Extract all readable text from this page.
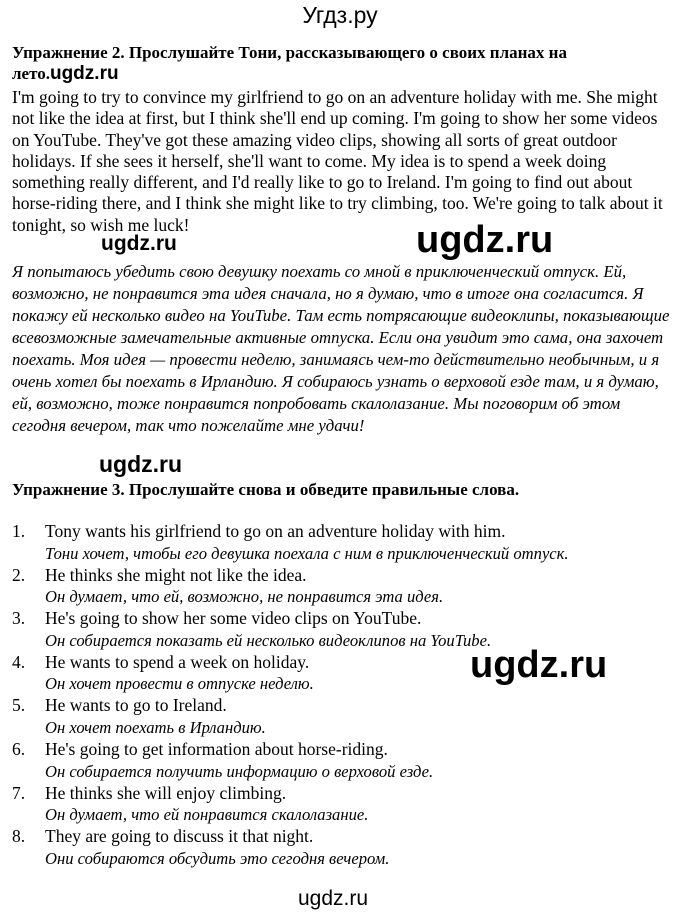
Угдз.ру
Упражнение 2. Прослушайте Тони, рассказывающего о своих планах на
лето.ugdz.ru
I'm going to try to convince my girlfriend to go on an adventure holiday with me. She might not like the idea at first, but I think she'll end up coming. I'm going to show her some videos on YouTube. They've got these amazing video clips, showing all sorts of great outdoor holidays. If she sees it herself, she'll want to come. My idea is to spend a week doing something really different, and I'd really like to go to Ireland. I'm going to find out about horse-riding there, and I think she might like to try climbing, too. We're going to talk about it tonight, so wish me luck!
Я попытаюсь убедить свою девушку поехать со мной в приключенческий отпуск. Ей, возможно, не понравится эта идея сначала, но я думаю, что в итоге она согласится. Я покажу ей несколько видео на YouTube. Там есть потрясающие видеоклипы, показывающие всевозможные замечательные активные отпуска. Если она увидит это сама, она захочет поехать. Моя идея — провести неделю, занимаясь чем-то действительно необычным, и я очень хотел бы поехать в Ирландию. Я собираюсь узнать о верховой езде там, и я думаю, ей, возможно, тоже понравится попробовать скалолазание. Мы поговорим об этом сегодня вечером, так что пожелайте мне удачи!
Упражнение 3. Прослушайте снова и обведите правильные слова.
1.	Tony wants his girlfriend to go on an adventure holiday with him.
Тони хочет, чтобы его девушка поехала с ним в приключенческий отпуск.
2.	He thinks she might not like the idea.
Он думает, что ей, возможно, не понравится эта идея.
3.	He's going to show her some video clips on YouTube.
Он собирается показать ей несколько видеоклипов на YouTube.
4.	He wants to spend a week on holiday.
Он хочет провести в отпуске неделю.
5.	He wants to go to Ireland.
Он хочет поехать в Ирландию.
6.	He's going to get information about horse-riding.
Он собирается получить информацию о верховой езде.
7.	He thinks she will enjoy climbing.
Он думает, что ей понравится скалолазание.
8.	They are going to discuss it that night.
Они собираются обсудить это сегодня вечером.
ugdz.ru	ugdz.ru
ugdz.ru
ugdz.ru
ugdz.ru
